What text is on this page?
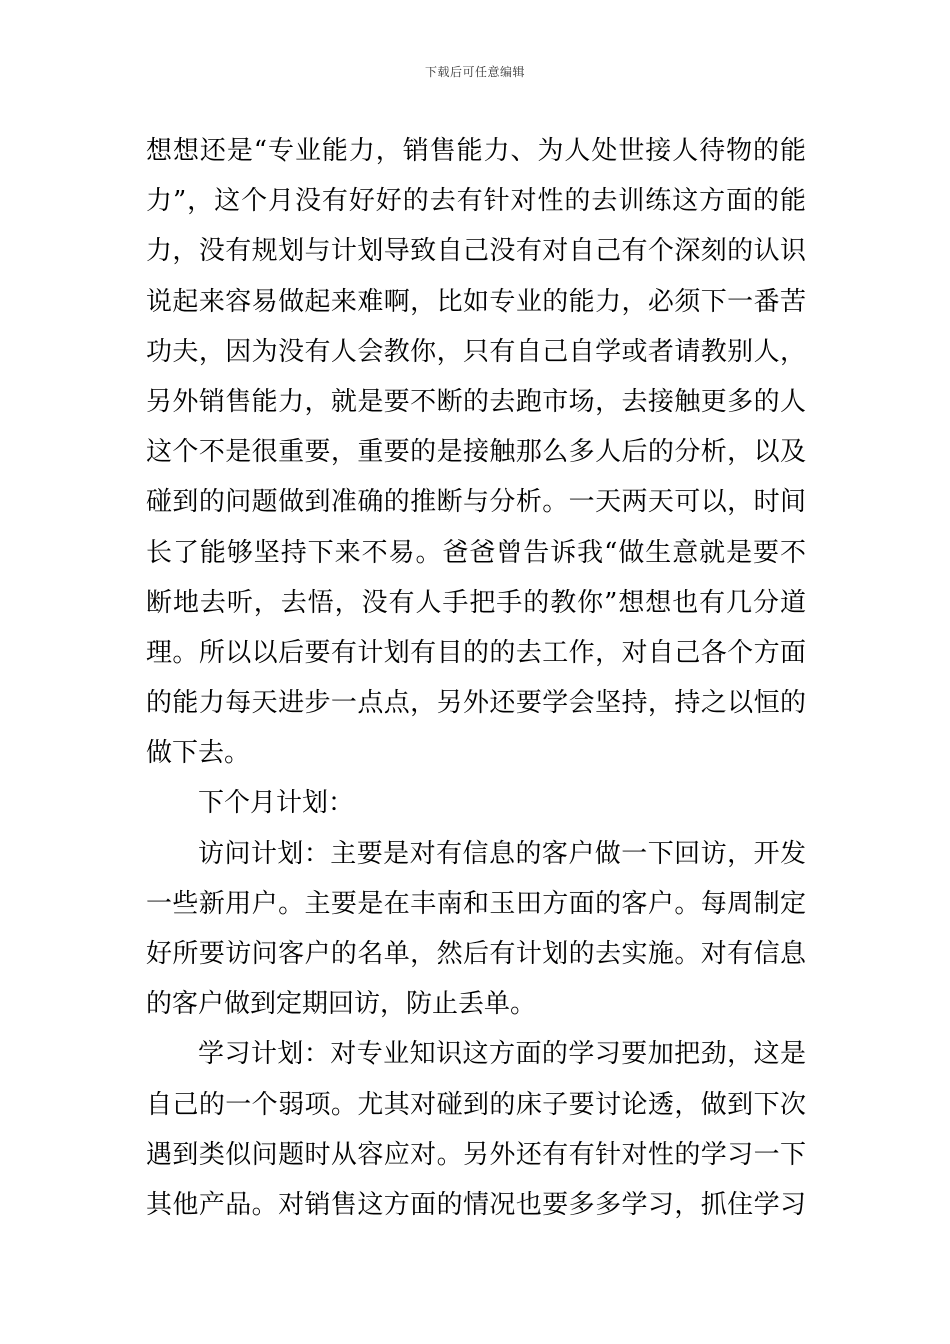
下载后可任意编辑
想想还是“专业能力，销售能力、为人处世接人待物的能
力”，这个月没有好好的去有针对性的去训练这方面的能
力，没有规划与计划导致自己没有对自己有个深刻的认识
说起来容易做起来难啊，比如专业的能力，必须下一番苦
功夫，因为没有人会教你，只有自己自学或者请教别人，
另外销售能力，就是要不断的去跑市场，去接触更多的人
这个不是很重要，重要的是接触那么多人后的分析，以及
碰到的问题做到准确的推断与分析。一天两天可以，时间
长了能够坚持下来不易。爸爸曾告诉我“做生意就是要不
断地去听，去悟，没有人手把手的教你”想想也有几分道
理。所以以后要有计划有目的的去工作，对自己各个方面
的能力每天进步一点点，另外还要学会坚持，持之以恒的
做下去。
下个月计划：
访问计划：主要是对有信息的客户做一下回访，开发
一些新用户。主要是在丰南和玉田方面的客户。每周制定
好所要访问客户的名单，然后有计划的去实施。对有信息
的客户做到定期回访，防止丢单。
学习计划：对专业知识这方面的学习要加把劲，这是
自己的一个弱项。尤其对碰到的床子要讨论透，做到下次
遇到类似问题时从容应对。另外还有有针对性的学习一下
其他产品。对销售这方面的情况也要多多学习，抓住学习
